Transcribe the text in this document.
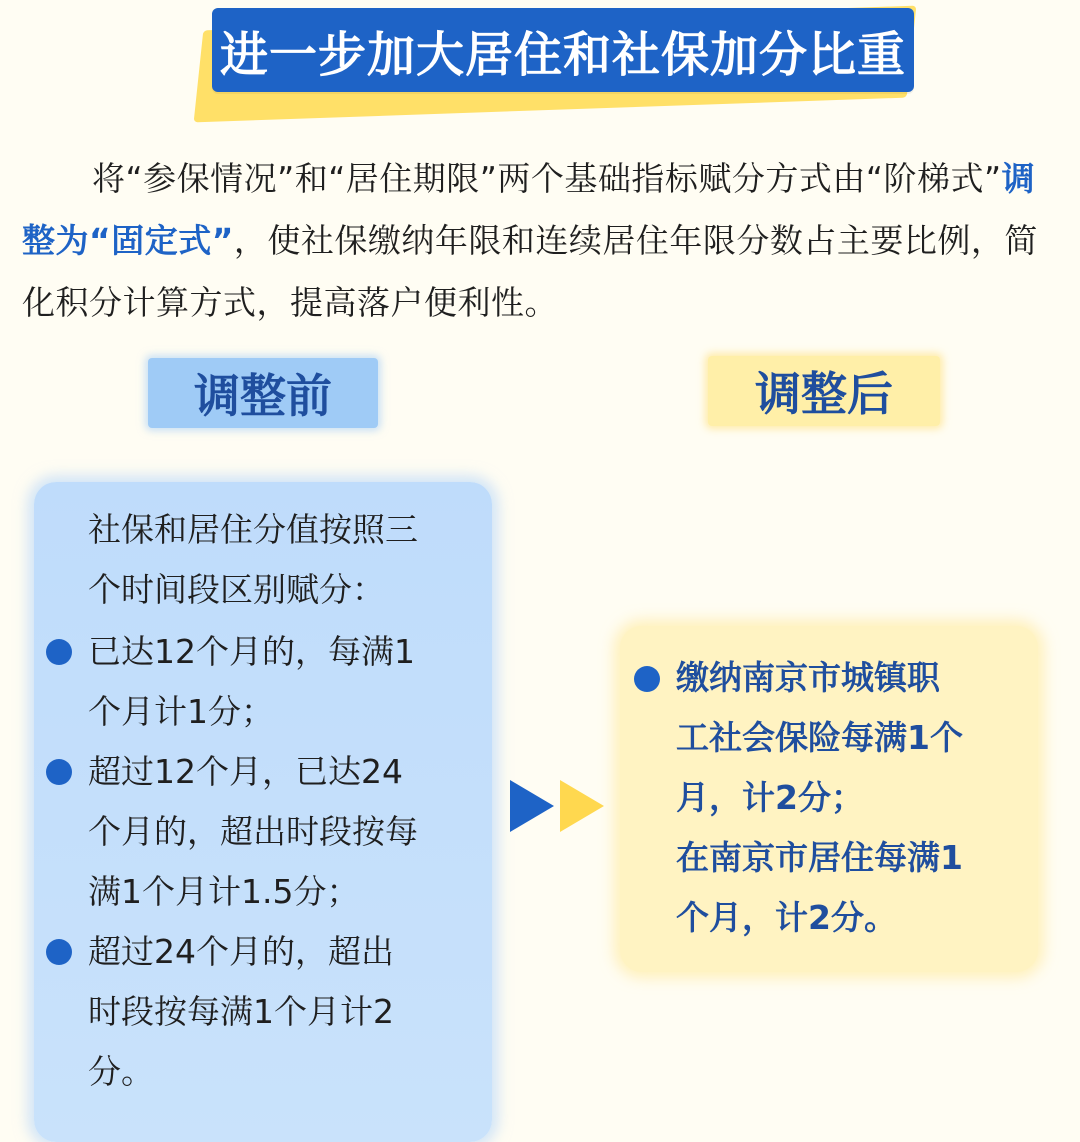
进一步加大居住和社保加分比重
将“参保情况”和“居住期限”两个基础指标赋分方式由“阶梯式”调整为“固定式”，使社保缴纳年限和连续居住年限分数占主要比例，简化积分计算方式，提高落户便利性。
调整前	调整后
社保和居住分值按照三
个时间段区别赋分：
已达12个月的，每满1
个月计1分；
超过12个月，已达24
个月的，超出时段按每
满1个月计1.5分；
超过24个月的，超出
时段按每满1个月计2
分。
缴纳南京市城镇职
工社会保险每满1个
月，计2分；
在南京市居住每满1
个月，计2分。
